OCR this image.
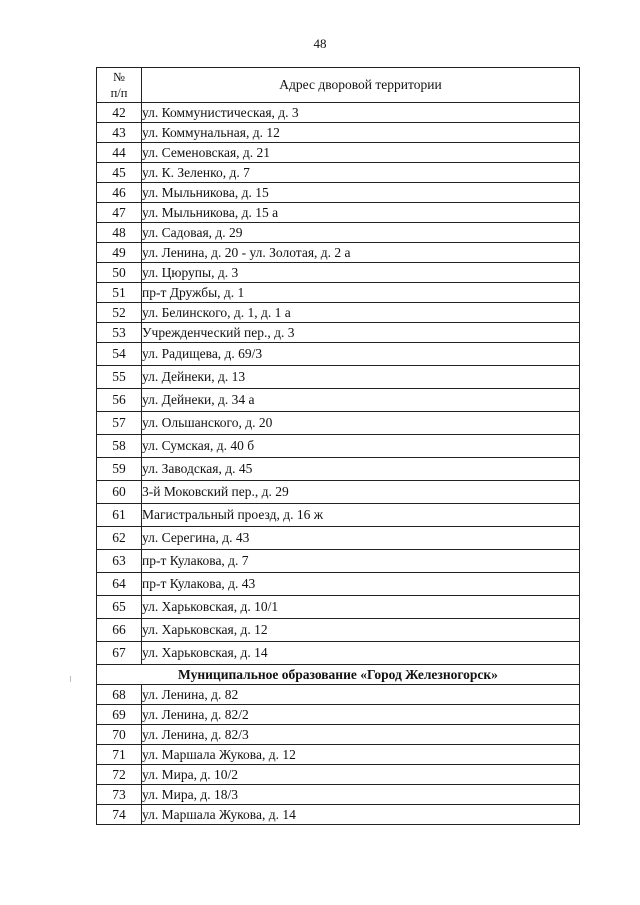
48
№
п/п	Адрес дворовой территории
42	ул. Коммунистическая, д. 3
43	ул. Коммунальная, д. 12
44	ул. Семеновская, д. 21
45	ул. К. Зеленко, д. 7
46	ул. Мыльникова, д. 15
47	ул. Мыльникова, д. 15 а
48	ул. Садовая, д. 29
49	ул. Ленина, д. 20 - ул. Золотая, д. 2 а
50	ул. Цюрупы, д. 3
51	пр-т Дружбы, д. 1
52	ул. Белинского, д. 1, д. 1 а
53	Учрежденческий пер., д. 3
54	ул. Радищева, д. 69/3
55	ул. Дейнеки, д. 13
56	ул. Дейнеки, д. 34 а
57	ул. Ольшанского, д. 20
58	ул. Сумская, д. 40 б
59	ул. Заводская, д. 45
60	3-й Моковский пер., д. 29
61	Магистральный проезд, д. 16 ж
62	ул. Серегина, д. 43
63	пр-т Кулакова, д. 7
64	пр-т Кулакова, д. 43
65	ул. Харьковская, д. 10/1
66	ул. Харьковская, д. 12
67	ул. Харьковская, д. 14
Муниципальное образование «Город Железногорск»	
68	ул. Ленина, д. 82
69	ул. Ленина, д. 82/2
70	ул. Ленина, д. 82/3
71	ул. Маршала Жукова, д. 12
72	ул. Мира, д. 10/2
73	ул. Мира, д. 18/3
74	ул. Маршала Жукова, д. 14
